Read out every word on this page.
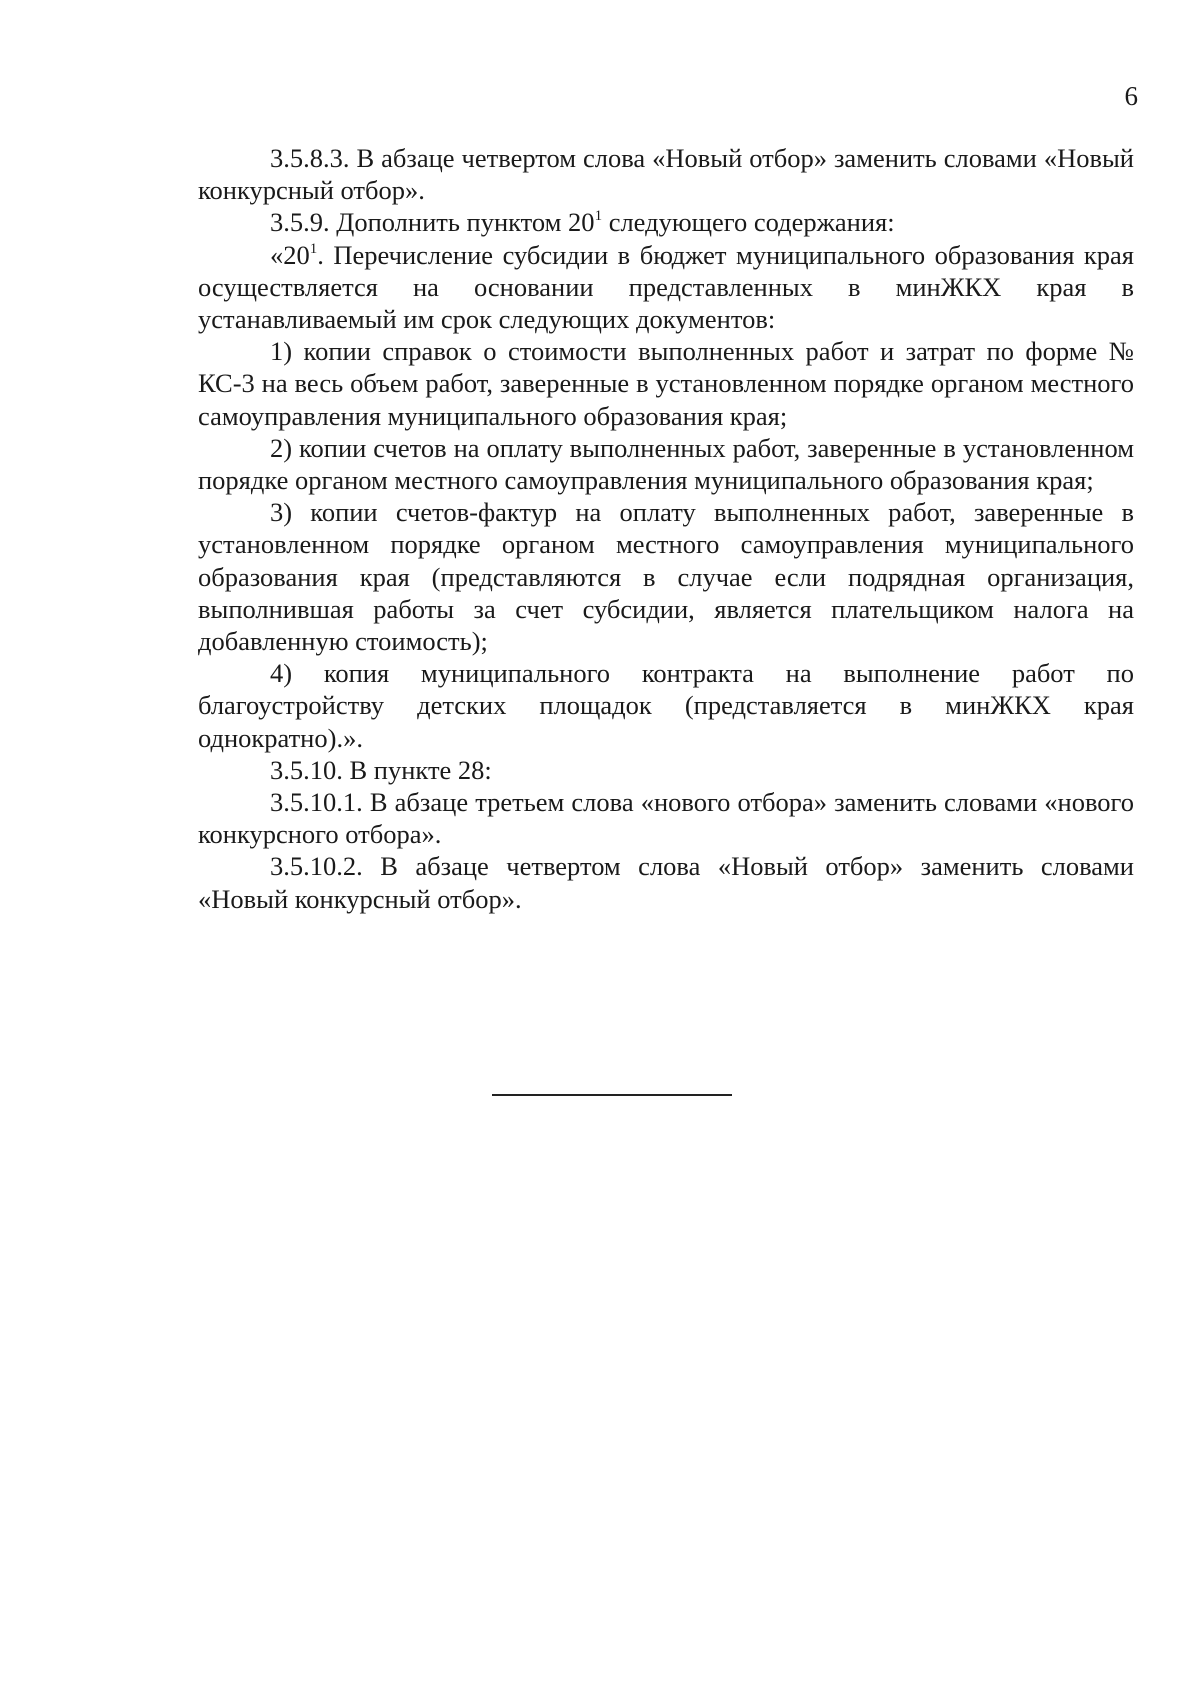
6

3.5.8.3. В абзаце четвертом слова «Новый отбор» заменить словами «Новый конкурсный отбор».

3.5.9. Дополнить пунктом $20^1$ следующего содержания:

«$20^1$. Перечисление субсидии в бюджет муниципального образования края осуществляется на основании представленных в минЖКХ края в устанавливаемый им срок следующих документов:

1) копии справок о стоимости выполненных работ и затрат по форме № КС-3 на весь объем работ, заверенные в установленном порядке органом местного самоуправления муниципального образования края;

2) копии счетов на оплату выполненных работ, заверенные в установленном порядке органом местного самоуправления муниципального образования края;

3) копии счетов-фактур на оплату выполненных работ, заверенные в установленном порядке органом местного самоуправления муниципального образования края (представляются в случае если подрядная организация, выполнившая работы за счет субсидии, является плательщиком налога на добавленную стоимость);

4) копия муниципального контракта на выполнение работ по благоустройству детских площадок (представляется в минЖКХ края однократно).».

3.5.10. В пункте 28:

3.5.10.1. В абзаце третьем слова «нового отбора» заменить словами «нового конкурсного отбора».

3.5.10.2. В абзаце четвертом слова «Новый отбор» заменить словами «Новый конкурсный отбор».
